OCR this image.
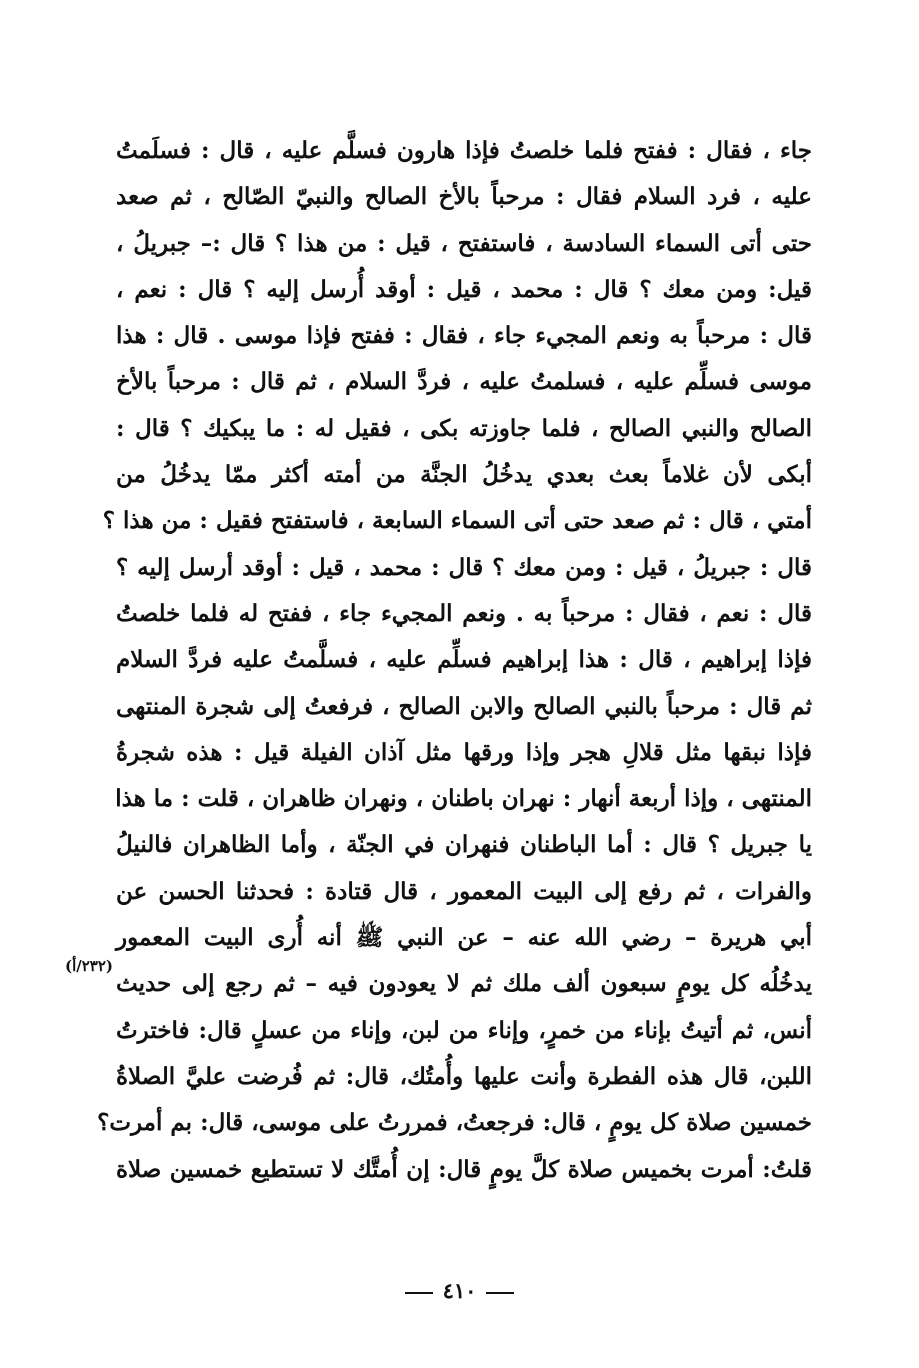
جاء ، فقال : ففتح فلما خلصتُ فإذا هارون فسلَّم عليه ، قال : فسلَمتُ
عليه ، فرد السلام فقال : مرحباً بالأخ الصالح والنبيّ الصّالح ، ثم صعد
حتى أتى السماء السادسة ، فاستفتح ، قيل : من هذا ؟ قال :– جبريلُ ،
قيل: ومن معك ؟ قال : محمد ، قيل : أوقد أُرسل إليه ؟ قال : نعم ،
قال : مرحباً به ونعم المجيء جاء ، فقال : ففتح فإذا موسى . قال : هذا
موسى فسلِّم عليه ، فسلمتُ عليه ، فردَّ السلام ، ثم قال : مرحباً بالأخ
الصالح والنبي الصالح ، فلما جاوزته بكى ، فقيل له : ما يبكيك ؟ قال :
أبكى لأن غلاماً بعث بعدي يدخُلُ الجنَّة من أمته أكثر ممّا يدخُلُ من
أمتي ، قال : ثم صعد حتى أتى السماء السابعة ، فاستفتح فقيل : من هذا ؟
قال : جبريلُ ، قيل : ومن معك ؟ قال : محمد ، قيل : أوقد أرسل إليه ؟
قال : نعم ، فقال : مرحباً به . ونعم المجيء جاء ، ففتح له فلما خلصتُ
فإذا إبراهيم ، قال : هذا إبراهيم فسلِّم عليه ، فسلَّمتُ عليه فردَّ السلام
ثم قال : مرحباً بالنبي الصالح والابن الصالح ، فرفعتُ إلى شجرة المنتهى
فإذا نبقها مثل قلالِ هجر وإذا ورقها مثل آذان الفيلة قيل : هذه شجرةُ
المنتهى ، وإذا أربعة أنهار : نهران باطنان ، ونهران ظاهران ، قلت : ما هذا
يا جبريل ؟ قال : أما الباطنان فنهران في الجنّة ، وأما الظاهران فالنيلُ
والفرات ، ثم رفع إلى البيت المعمور ، قال قتادة : فحدثنا الحسن عن
أبي هريرة – رضي الله عنه – عن النبي ﷺ أنه أُرى البيت المعمور
يدخُلُه كل يومٍ سبعون ألف ملك ثم لا يعودون فيه – ثم رجع إلى حديث
أنس، ثم أتيتُ بإناء من خمرٍ، وإناء من لبن، وإناء من عسلٍ قال: فاخترتُ
اللبن، قال هذه الفطرة وأنت عليها وأُمتُك، قال: ثم فُرضت عليَّ الصلاةُ
خمسين صلاة كل يومٍ ، قال: فرجعتُ، فمررتُ على موسى، قال: بم أمرت؟
قلتُ: أمرت بخميس صلاة كلَّ يومٍ قال: إن أُمتَّك لا تستطيع خمسين صلاة
(٢٣٢/أ)
٤١٠
